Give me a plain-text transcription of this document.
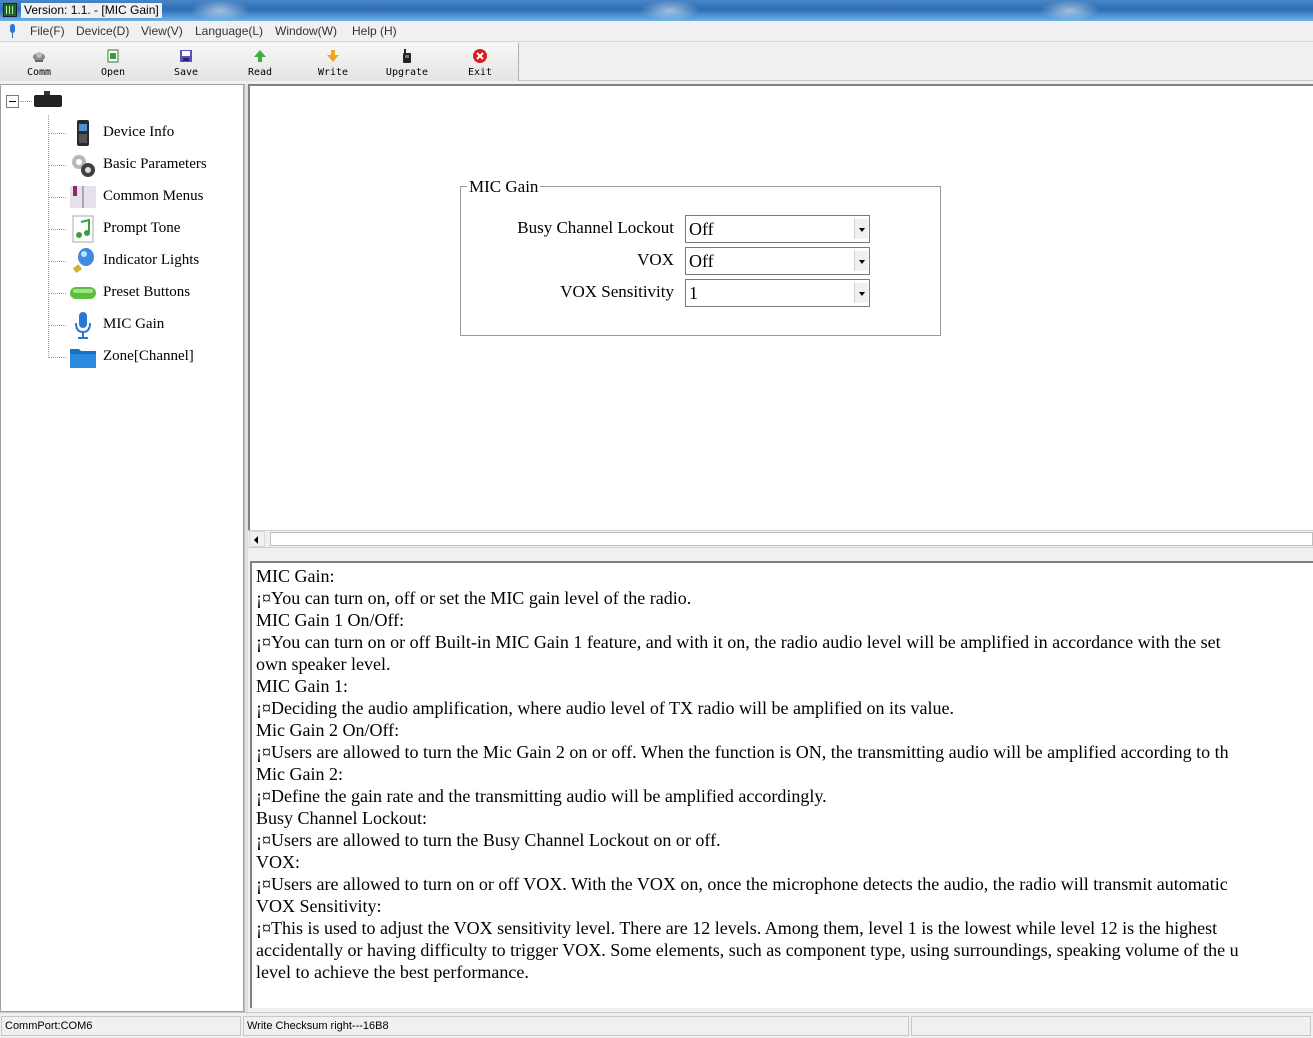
Version: 1.1. - [MIC Gain]
File(F) Device(D) View(V) Language(L) Window(W) Help (H)
Comm	Open	Save	Read	Write	Upgrate	Exit
Device Info
Basic Parameters
Common Menus
Prompt Tone
Indicator Lights
Preset Buttons
MIC Gain
Zone[Channel]
MIC Gain
Busy Channel Lockout Off
VOX Off
VOX Sensitivity 1
MIC Gain:
¡¤You can turn on, off or set the MIC gain level of the radio.
MIC Gain 1 On/Off:
¡¤You can turn on or off Built-in MIC Gain 1 feature, and with it on, the radio audio level will be amplified in accordance with the set
own speaker level.
MIC Gain 1:
¡¤Deciding the audio amplification, where audio level of TX radio will be amplified on its value.
Mic Gain 2 On/Off:
¡¤Users are allowed to turn the Mic Gain 2 on or off. When the function is ON, the transmitting audio will be amplified according to th
Mic Gain 2:
¡¤Define the gain rate and the transmitting audio will be amplified accordingly.
Busy Channel Lockout:
¡¤Users are allowed to turn the Busy Channel Lockout on or off.
VOX:
¡¤Users are allowed to turn on or off VOX. With the VOX on, once the microphone detects the audio, the radio will transmit automatic
VOX Sensitivity:
¡¤This is used to adjust the VOX sensitivity level. There are 12 levels. Among them, level 1 is the lowest while level 12 is the highest
accidentally or having difficulty to trigger VOX. Some elements, such as component type, using surroundings, speaking volume of the u
level to achieve the best performance.
CommPort:COM6	Write Checksum right---16B8
